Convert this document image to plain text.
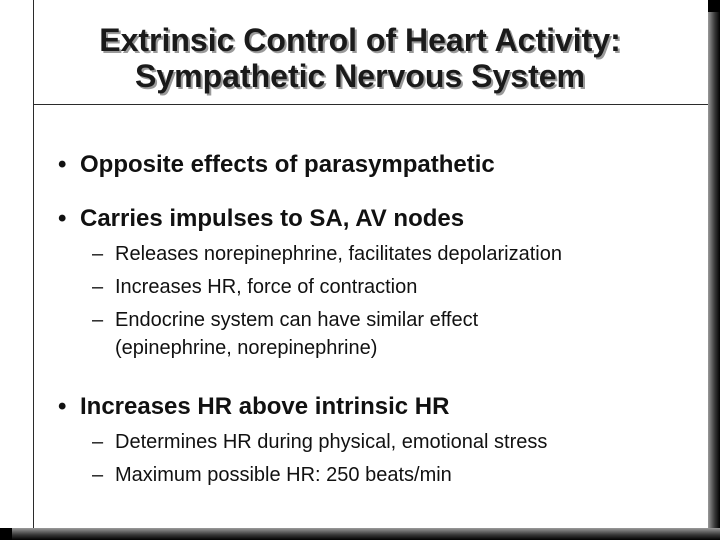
Extrinsic Control of Heart Activity:
Sympathetic Nervous System
• Opposite effects of parasympathetic
• Carries impulses to SA, AV nodes
– Releases norepinephrine, facilitates depolarization
– Increases HR, force of contraction
– Endocrine system can have similar effect
(epinephrine, norepinephrine)
• Increases HR above intrinsic HR
– Determines HR during physical, emotional stress
– Maximum possible HR: 250 beats/min
